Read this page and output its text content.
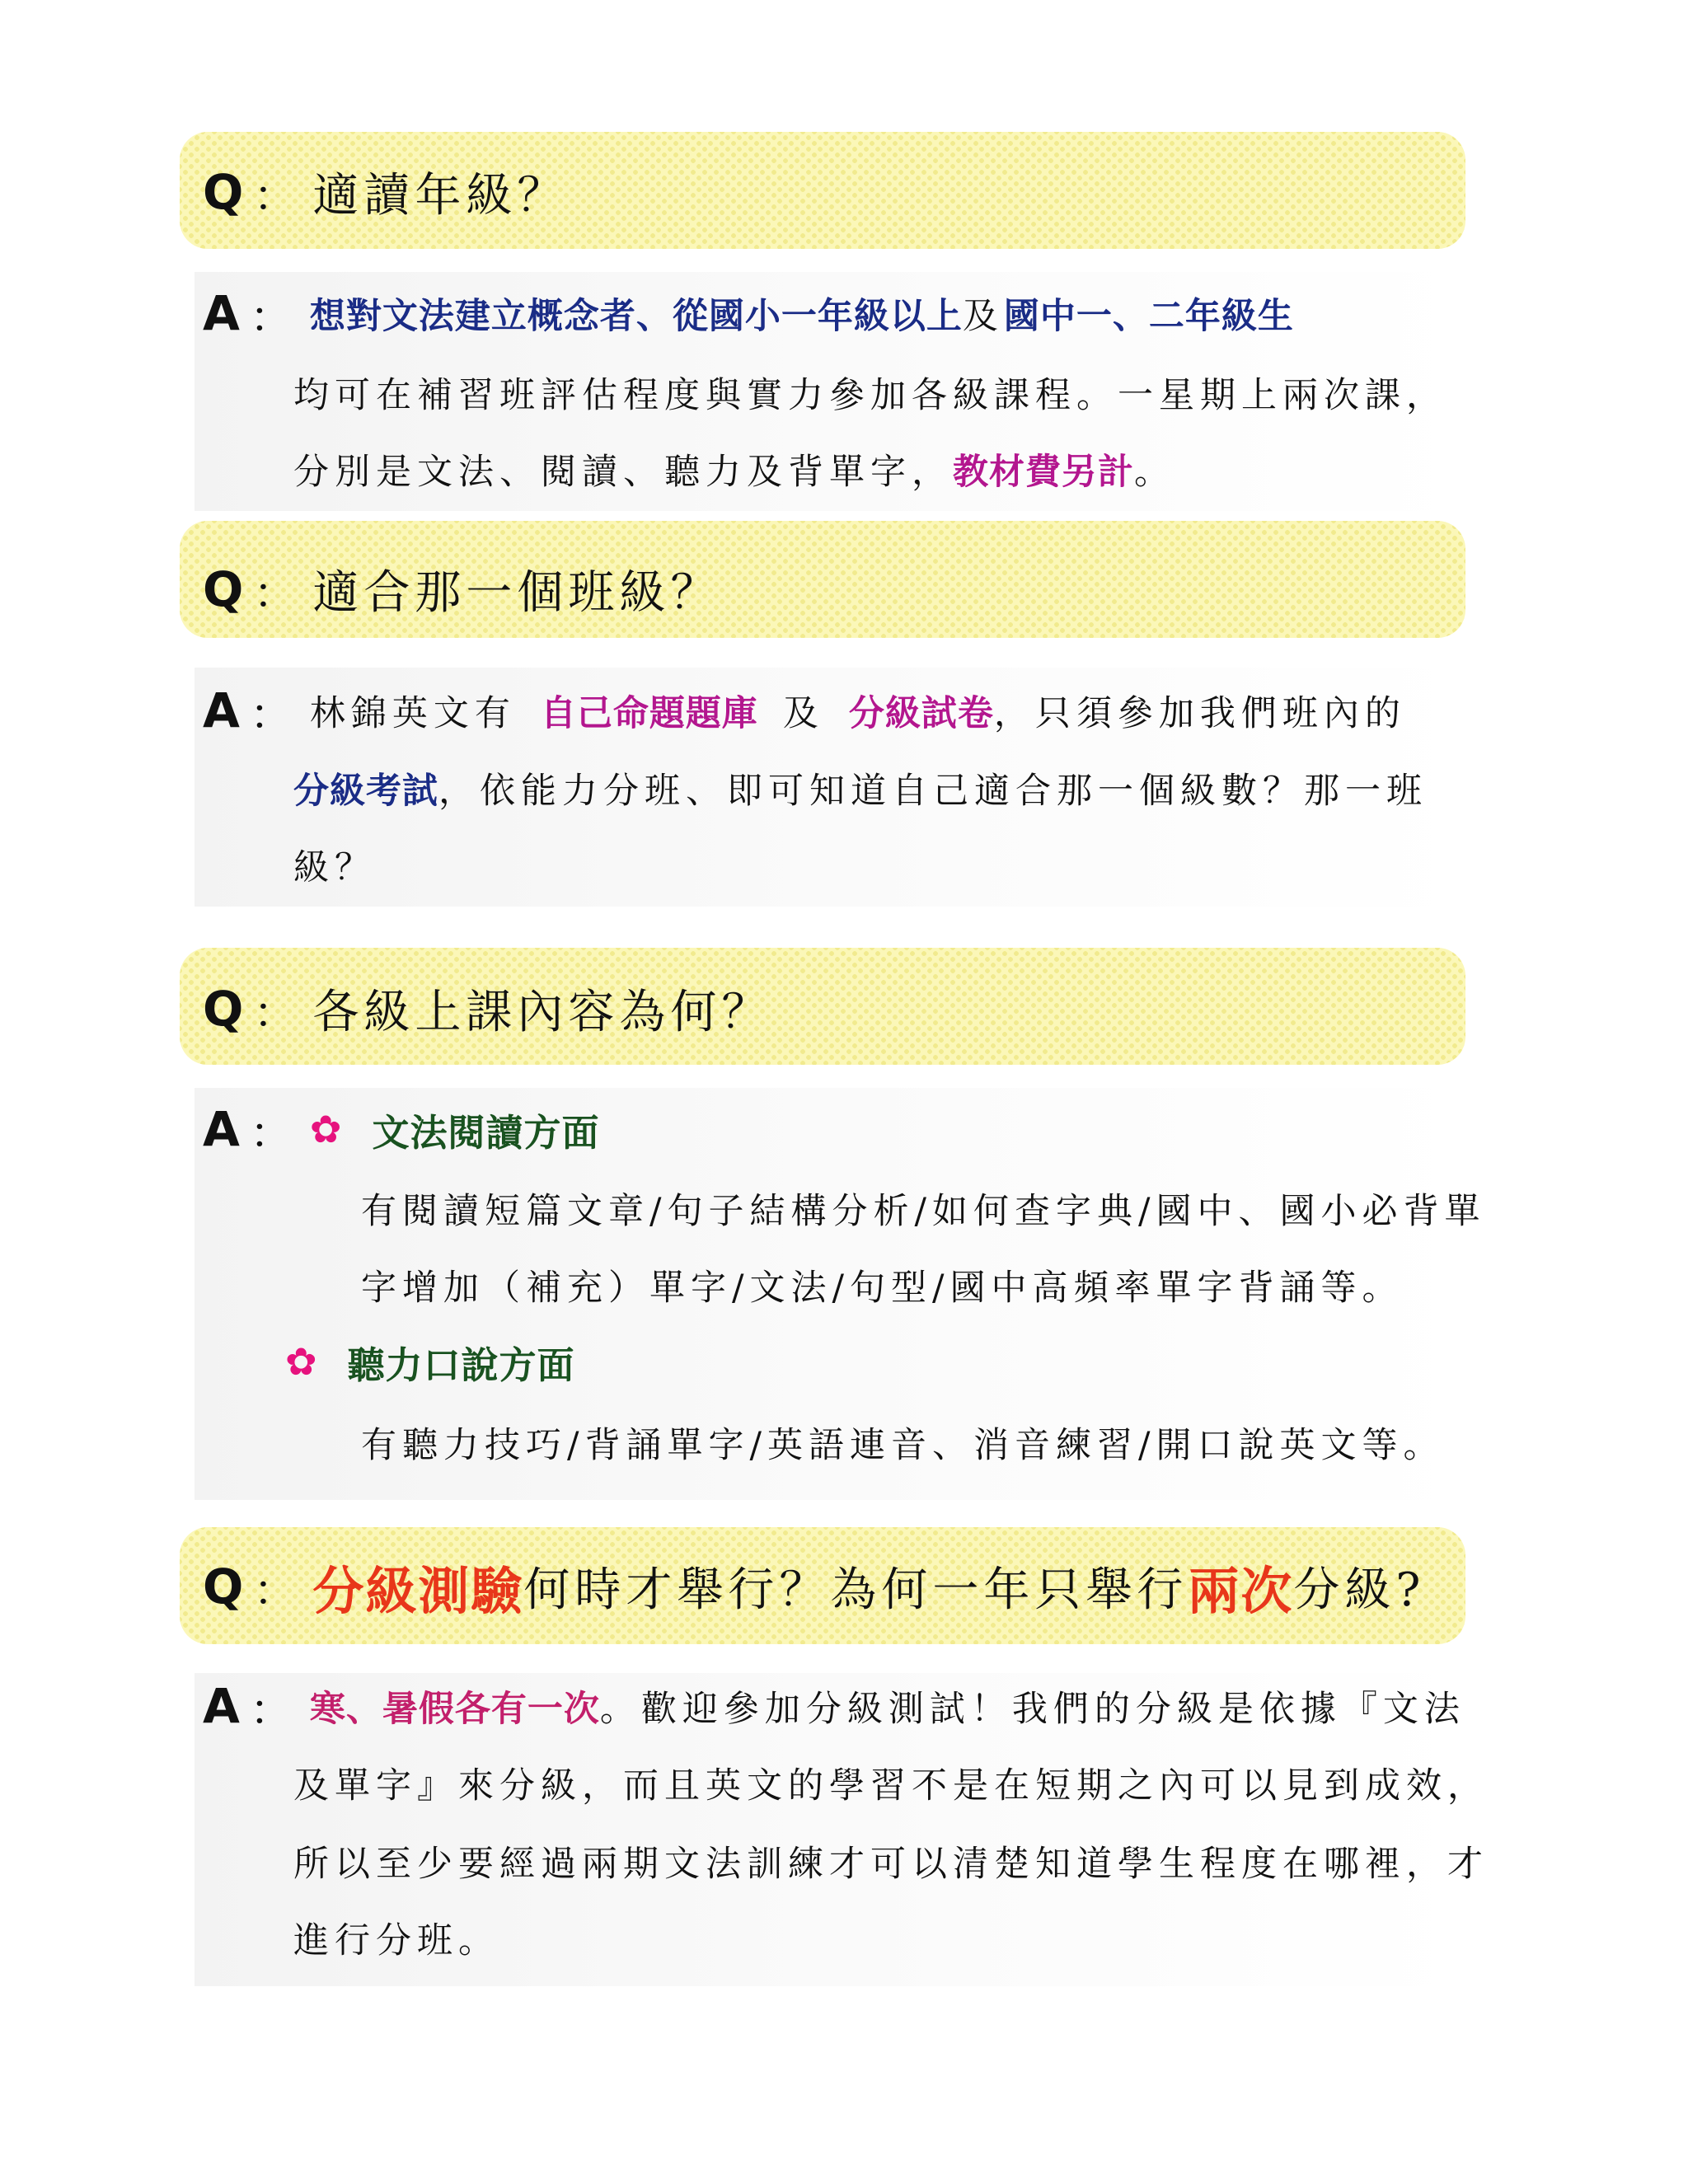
Q ： 適讀年級？
A ： 想對文法建立概念者、 從國小一年級以上 及 國中一、二年級生
均可在補習班評估程度與實力參加各級課程。一星期上兩次課，
分別是文法、閱讀、聽力及背單字， 教材費另計 。
Q ： 適合那一個班級？
A ： 林錦英文有 自己命題題庫 及 分級試卷 ，只須參加我們班內的
分級考試 ，依能力分班、即可知道自己適合那一個級數？那一班
級？
Q ： 各級上課內容為何？
A ： ✿ 文法閱讀方面
有閱讀短篇文章/句子結構分析/如何查字典/國中、國小必背單
字增加（補充）單字/文法/句型/國中高頻率單字背誦等。
✿ 聽力口說方面
有聽力技巧/背誦單字/英語連音、消音練習/開口說英文等。
Q ： 分級測驗 何時才舉行？為何一年只舉行 兩次 分級?
A ： 寒、暑假各有一次 。歡迎參加分級測試！我們的分級是依據『文法
及單字』來分級，而且英文的學習不是在短期之內可以見到成效，
所以至少要經過兩期文法訓練才可以清楚知道學生程度在哪裡，才
進行分班。
